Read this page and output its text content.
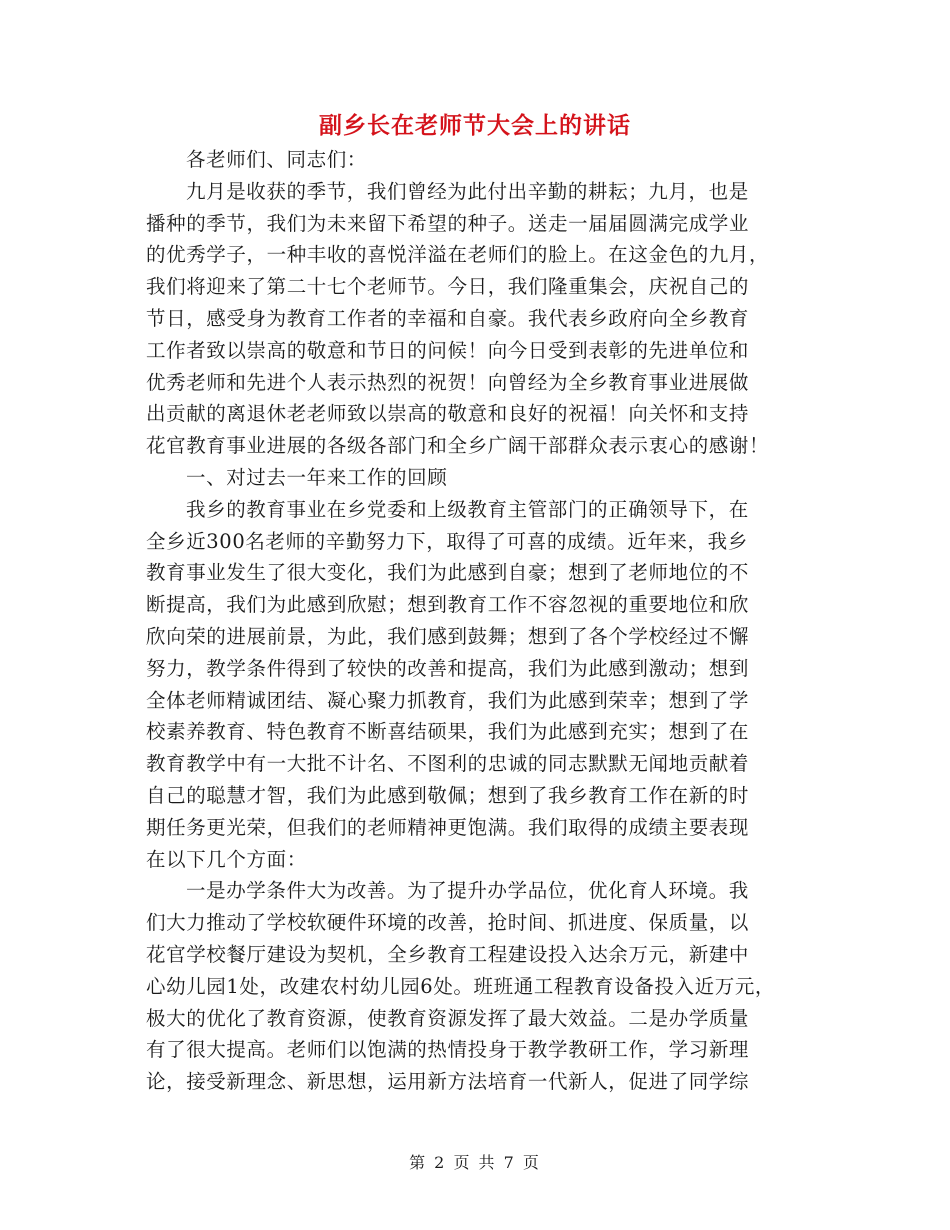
副乡长在老师节大会上的讲话
各老师们、同志们：
九月是收获的季节，我们曾经为此付出辛勤的耕耘；九月，也是
播种的季节，我们为未来留下希望的种子。送走一届届圆满完成学业
的优秀学子，一种丰收的喜悦洋溢在老师们的脸上。在这金色的九月，
我们将迎来了第二十七个老师节。今日，我们隆重集会，庆祝自己的
节日，感受身为教育工作者的幸福和自豪。我代表乡政府向全乡教育
工作者致以崇高的敬意和节日的问候！向今日受到表彰的先进单位和
优秀老师和先进个人表示热烈的祝贺！向曾经为全乡教育事业进展做
出贡献的离退休老老师致以崇高的敬意和良好的祝福！向关怀和支持
花官教育事业进展的各级各部门和全乡广阔干部群众表示衷心的感谢！
一、对过去一年来工作的回顾
我乡的教育事业在乡党委和上级教育主管部门的正确领导下，在
全乡近300名老师的辛勤努力下，取得了可喜的成绩。近年来，我乡
教育事业发生了很大变化，我们为此感到自豪；想到了老师地位的不
断提高，我们为此感到欣慰；想到教育工作不容忽视的重要地位和欣
欣向荣的进展前景，为此，我们感到鼓舞；想到了各个学校经过不懈
努力，教学条件得到了较快的改善和提高，我们为此感到激动；想到
全体老师精诚团结、凝心聚力抓教育，我们为此感到荣幸；想到了学
校素养教育、特色教育不断喜结硕果，我们为此感到充实；想到了在
教育教学中有一大批不计名、不图利的忠诚的同志默默无闻地贡献着
自己的聪慧才智，我们为此感到敬佩；想到了我乡教育工作在新的时
期任务更光荣，但我们的老师精神更饱满。我们取得的成绩主要表现
在以下几个方面：
一是办学条件大为改善。为了提升办学品位，优化育人环境。我
们大力推动了学校软硬件环境的改善，抢时间、抓进度、保质量，以
花官学校餐厅建设为契机，全乡教育工程建设投入达余万元，新建中
心幼儿园1处，改建农村幼儿园6处。班班通工程教育设备投入近万元，
极大的优化了教育资源，使教育资源发挥了最大效益。二是办学质量
有了很大提高。老师们以饱满的热情投身于教学教研工作，学习新理
论，接受新理念、新思想，运用新方法培育一代新人，促进了同学综
第 2 页 共 7 页
